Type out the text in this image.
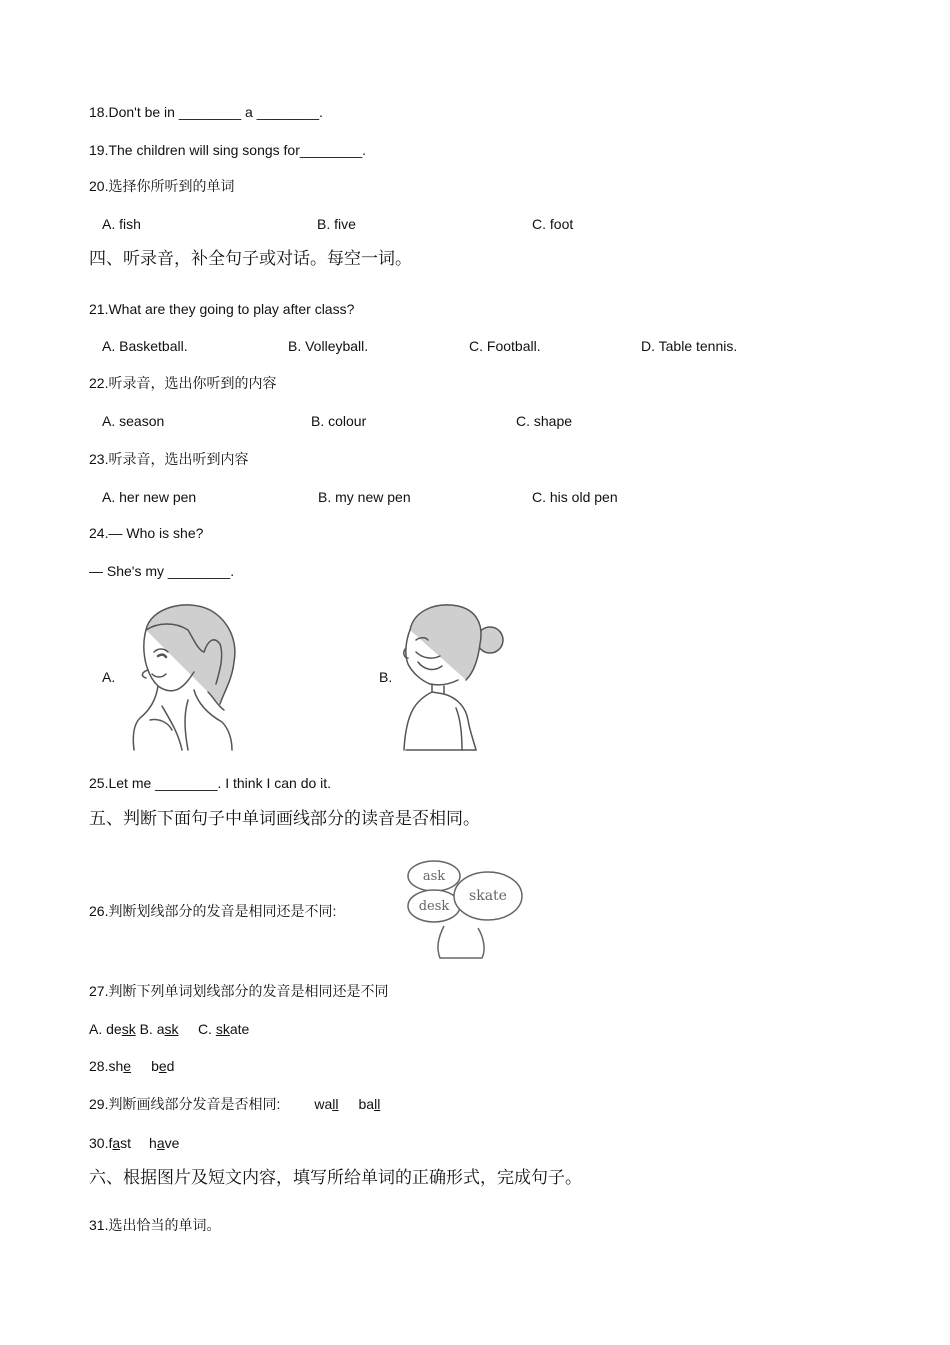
18.Don't be in ________ a ________.
19.The children will sing songs for________.
20.选择你所听到的单词
A. fish	B. five	C. foot
四、听录音，补全句子或对话。每空一词。
21.What are they going to play after class?
A. Basketball.	B. Volleyball.	C. Football.	D. Table tennis.
22.听录音，选出你听到的内容
A. season	B. colour	C. shape
23.听录音，选出听到内容
A. her new pen	B. my new pen	C. his old pen
24.— Who is she?
— She's my ________.
A.	B.
25.Let me ________. I think I can do it.
五、判断下面句子中单词画线部分的读音是否相同。
26.判断划线部分的发音是相同还是不同:
ask
desk
skate
27.判断下列单词划线部分的发音是相同还是不同
A. desk B. ask     C. skate
28.she bed
29.判断画线部分发音是否相同: wall ball
30.fast have
六、根据图片及短文内容，填写所给单词的正确形式，完成句子。
31.选出恰当的单词。
